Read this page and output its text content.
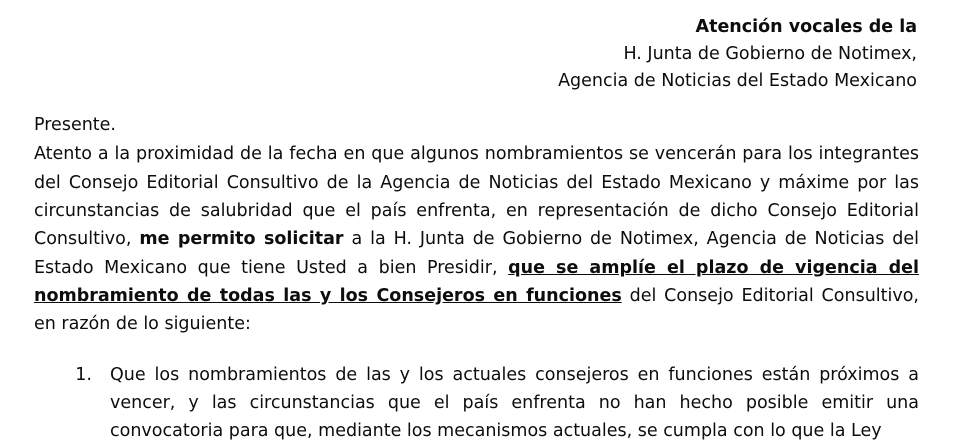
Atención vocales de la
H. Junta de Gobierno de Notimex,
Agencia de Noticias del Estado Mexicano
Presente.

Atento a la proximidad de la fecha en que algunos nombramientos se vencerán para los integrantes del Consejo Editorial Consultivo de la Agencia de Noticias del Estado Mexicano y máxime por las circunstancias de salubridad que el país enfrenta, en representación de dicho Consejo Editorial Consultivo, me permito solicitar a la H. Junta de Gobierno de Notimex, Agencia de Noticias del Estado Mexicano que tiene Usted a bien Presidir, que se amplíe el plazo de vigencia del nombramiento de todas las y los Consejeros en funciones del Consejo Editorial Consultivo, en razón de lo siguiente:

1.	Que los nombramientos de las y los actuales consejeros en funciones están próximos a vencer, y las circunstancias que el país enfrenta no han hecho posible emitir una convocatoria para que, mediante los mecanismos actuales, se cumpla con lo que la Ley
